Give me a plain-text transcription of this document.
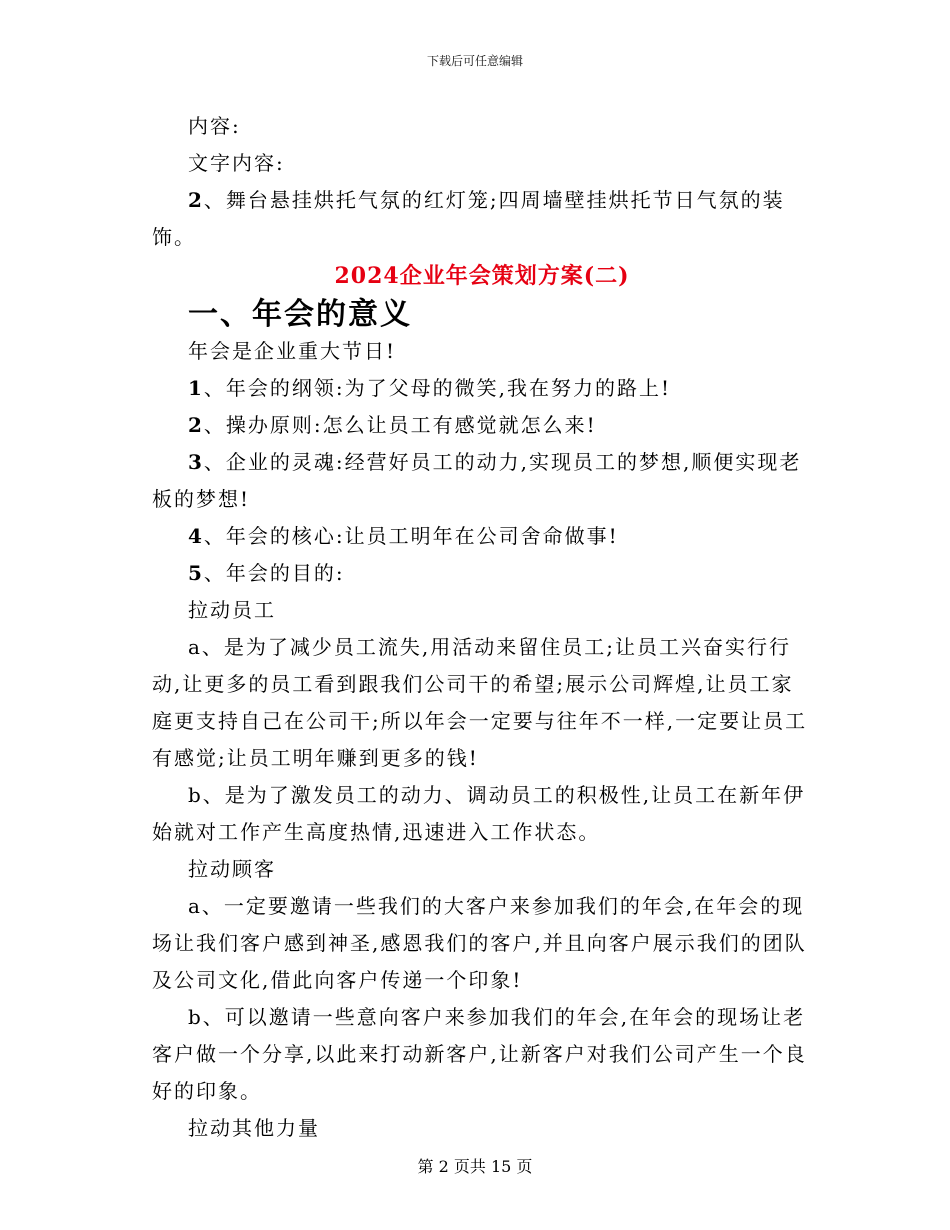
下载后可任意编辑

内容:

文字内容:

2、舞台悬挂烘托气氛的红灯笼;四周墙壁挂烘托节日气氛的装饰。

2024企业年会策划方案(二)
一、年会的意义

年会是企业重大节日!

1、年会的纲领:为了父母的微笑,我在努力的路上!

2、操办原则:怎么让员工有感觉就怎么来!

3、企业的灵魂:经营好员工的动力,实现员工的梦想,顺便实现老板的梦想!

4、年会的核心:让员工明年在公司舍命做事!

5、年会的目的:

拉动员工

a、是为了减少员工流失,用活动来留住员工;让员工兴奋实行行动,让更多的员工看到跟我们公司干的希望;展示公司辉煌,让员工家庭更支持自己在公司干;所以年会一定要与往年不一样,一定要让员工有感觉;让员工明年赚到更多的钱!

b、是为了激发员工的动力、调动员工的积极性,让员工在新年伊始就对工作产生高度热情,迅速进入工作状态。

拉动顾客

a、一定要邀请一些我们的大客户来参加我们的年会,在年会的现场让我们客户感到神圣,感恩我们的客户,并且向客户展示我们的团队及公司文化,借此向客户传递一个印象!

b、可以邀请一些意向客户来参加我们的年会,在年会的现场让老客户做一个分享,以此来打动新客户,让新客户对我们公司产生一个良好的印象。

拉动其他力量

第 2 页共 15 页
